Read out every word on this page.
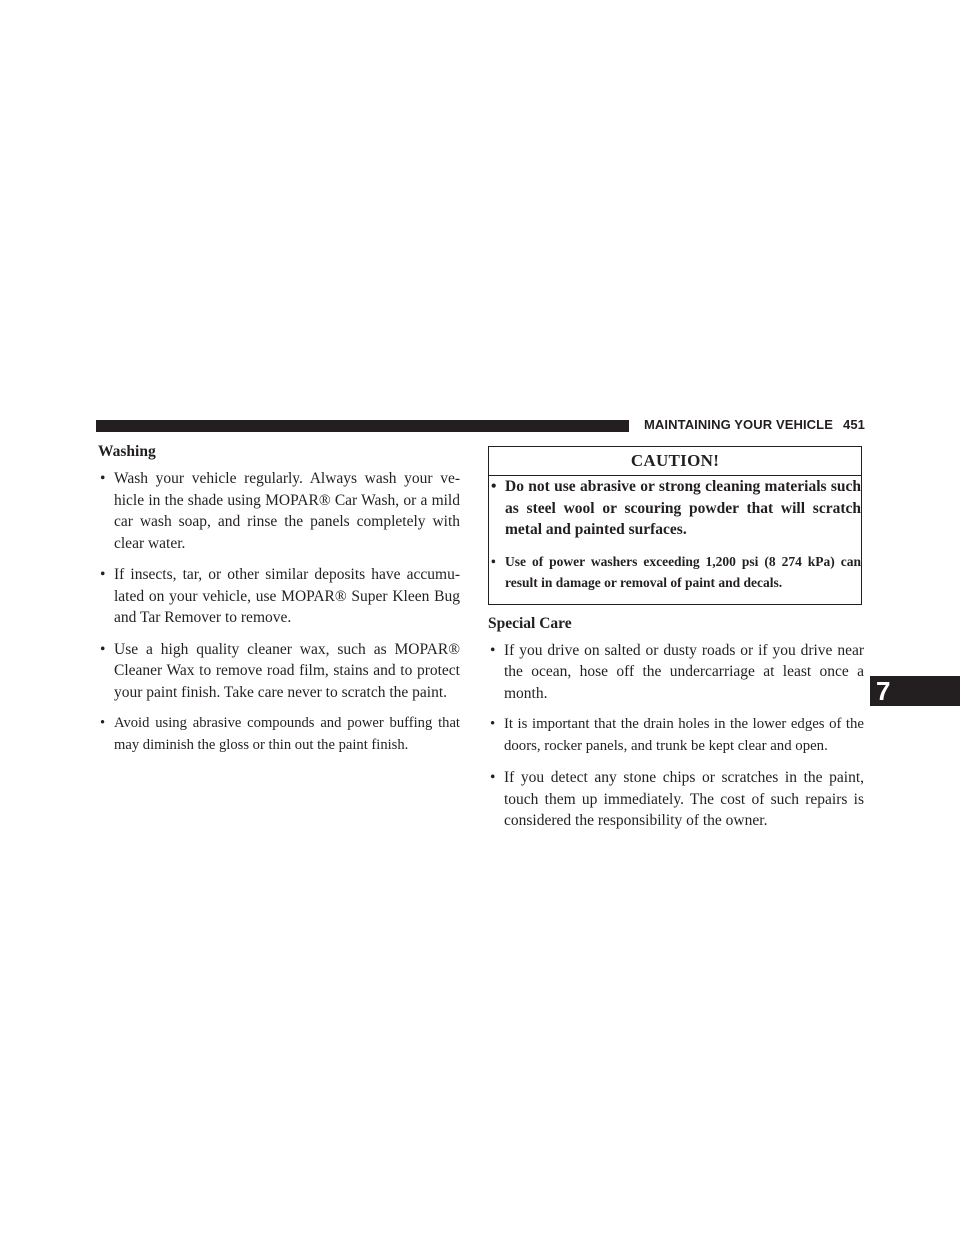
MAINTAINING YOUR VEHICLE 451
Washing
• Wash your vehicle regularly. Always wash your ve-hicle in the shade using MOPAR® Car Wash, or a mild car wash soap, and rinse the panels completely with clear water.
• If insects, tar, or other similar deposits have accumu-lated on your vehicle, use MOPAR® Super Kleen Bug and Tar Remover to remove.
• Use a high quality cleaner wax, such as MOPAR® Cleaner Wax to remove road film, stains and to protect your paint finish. Take care never to scratch the paint.
• Avoid using abrasive compounds and power buffing that may diminish the gloss or thin out the paint finish.
CAUTION!
• Do not use abrasive or strong cleaning materials such as steel wool or scouring powder that will scratch metal and painted surfaces.
• Use of power washers exceeding 1,200 psi (8 274 kPa) can result in damage or removal of paint and decals.
Special Care
• If you drive on salted or dusty roads or if you drive near the ocean, hose off the undercarriage at least once a month.
• It is important that the drain holes in the lower edges of the doors, rocker panels, and trunk be kept clear and open.
• If you detect any stone chips or scratches in the paint, touch them up immediately. The cost of such repairs is considered the responsibility of the owner.
7
